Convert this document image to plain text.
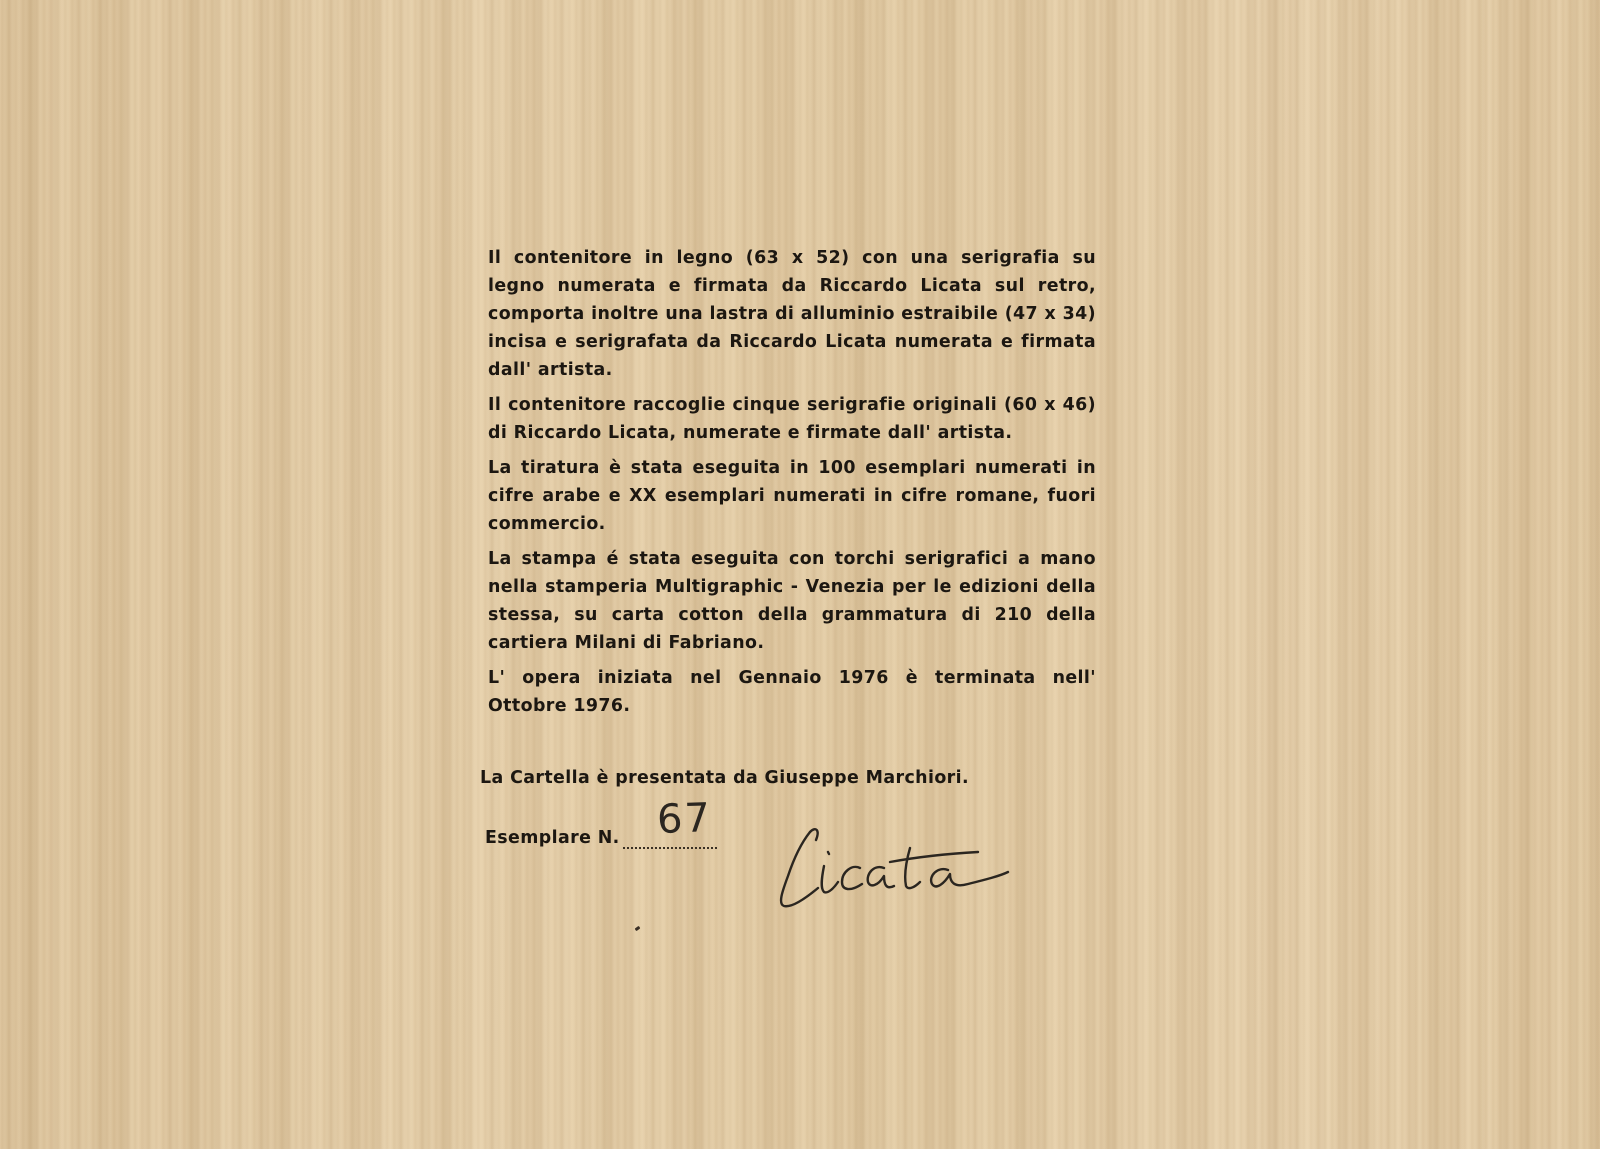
Il contenitore in legno (63 x 52) con una serigrafia su legno numerata e firmata da Riccardo Licata sul retro, comporta inoltre una lastra di alluminio estraibile (47 x 34) incisa e serigrafata da Riccardo Licata numerata e firmata dall' artista.

Il contenitore raccoglie cinque serigrafie originali (60 x 46) di Riccardo Licata, numerate e firmate dall' artista.

La tiratura è stata eseguita in 100 esemplari numerati in cifre arabe e XX esemplari numerati in cifre romane, fuori commercio.

La stampa é stata eseguita con torchi serigrafici a mano nella stamperia Multigraphic - Venezia per le edizioni della stessa, su carta cotton della grammatura di 210 della cartiera Milani di Fabriano.

L' opera iniziata nel Gennaio 1976 è terminata nell' Ottobre 1976.

La Cartella è presentata da Giuseppe Marchiori.
Esemplare N. 67
